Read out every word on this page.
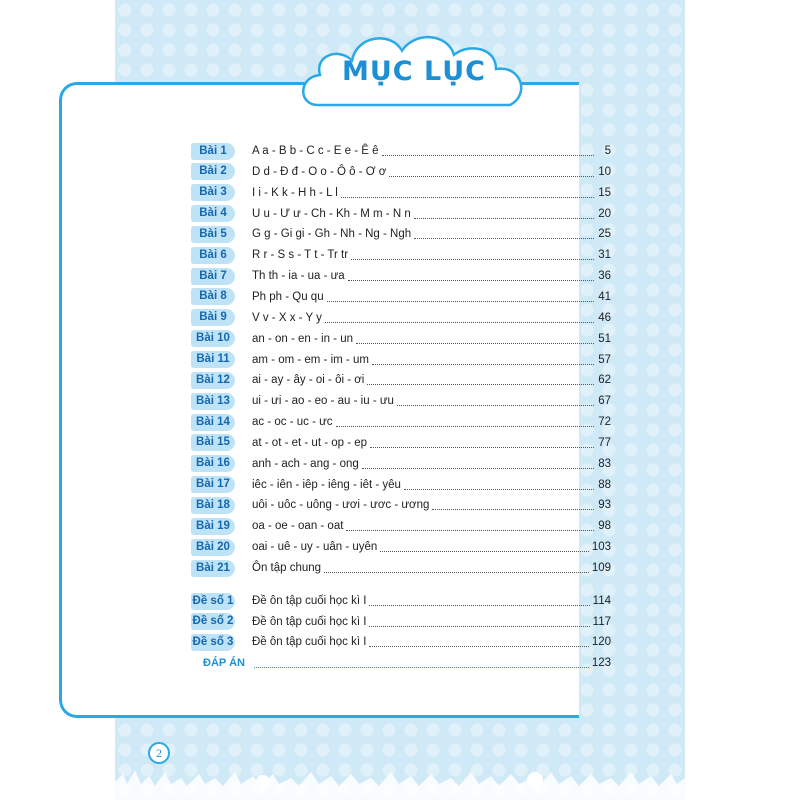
MỤC LỤC
Bài 1	A a - B b - C c - E e - Ê ê	5
Bài 2	D d - Đ đ - O o - Ô ô - Ơ ơ	10
Bài 3	I i - K k - H h - L l	15
Bài 4	U u - Ư ư - Ch - Kh - M m - N n	20
Bài 5	G g - Gi gi - Gh - Nh - Ng - Ngh	25
Bài 6	R r - S s - T t - Tr tr	31
Bài 7	Th th - ia - ua - ưa	36
Bài 8	Ph ph - Qu qu	41
Bài 9	V v - X x - Y y	46
Bài 10	an - on - en - in - un	51
Bài 11	am - om - em - im - um	57
Bài 12	ai - ay - ây - oi - ôi - ơi	62
Bài 13	ui - ưi - ao - eo - au - iu - ưu	67
Bài 14	ac - oc - uc - ưc	72
Bài 15	at - ot - et - ut - op - ep	77
Bài 16	anh - ach - ang - ong	83
Bài 17	iêc - iên - iêp - iêng - iêt - yêu	88
Bài 18	uôi - uôc - uông - ươi - ươc - ương	93
Bài 19	oa - oe - oan - oat	98
Bài 20	oai - uê - uy - uân - uyên	103
Bài 21	Ôn tập chung	109
Đề số 1 Đề ôn tập cuối học kì I	114
Đề số 2 Đề ôn tập cuối học kì I	117
Đề số 3 Đề ôn tập cuối học kì I	120
ĐÁP ÁN	123
2
